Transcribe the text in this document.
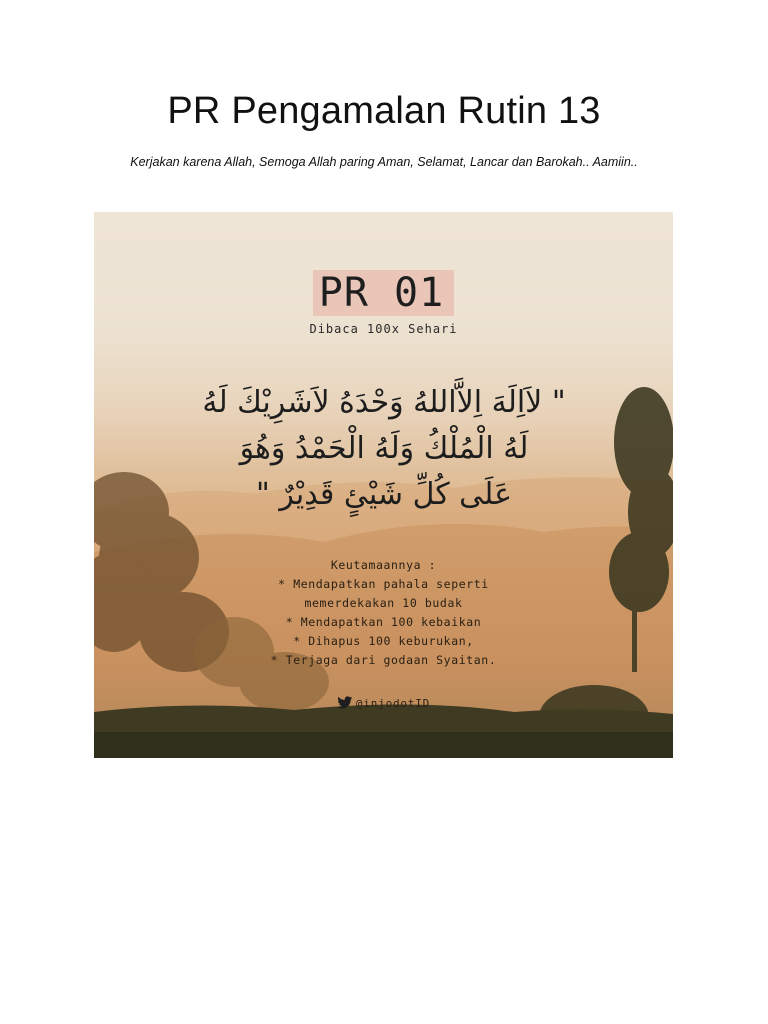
PR Pengamalan Rutin 13
Kerjakan karena Allah, Semoga Allah paring Aman, Selamat, Lancar dan Barokah.. Aamiin..
PR 01
Dibaca 100x Sehari
" لاَاِلَهَ اِلاَّاللهُ وَحْدَهُ لاَشَرِيْكَ لَهُ
لَهُ الْمُلْكُ وَلَهُ الْحَمْدُ وَهُوَ
عَلَى كُلِّ شَيْئٍ قَدِيْرٌ "
Keutamaannya :
* Mendapatkan pahala seperti
memerdekakan 10 budak
* Mendapatkan 100 kebaikan
* Dihapus 100 keburukan,
* Terjaga dari godaan Syaitan.
@injodotID
